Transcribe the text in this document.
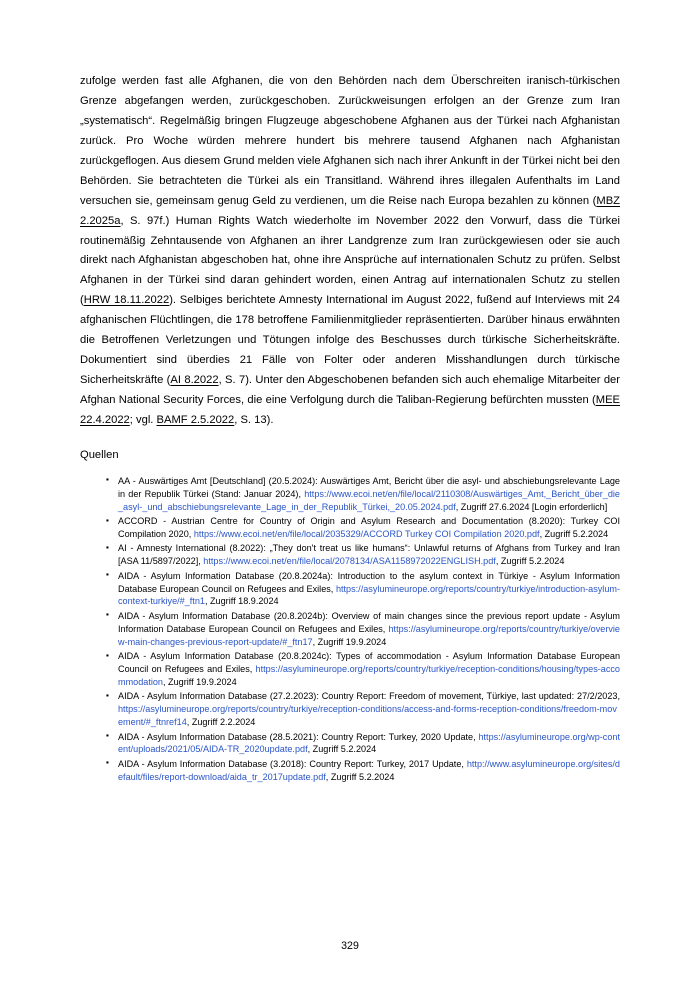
zufolge werden fast alle Afghanen, die von den Behörden nach dem Überschreiten iranisch-türkischen Grenze abgefangen werden, zurückgeschoben. Zurückweisungen erfolgen an der Grenze zum Iran „systematisch“. Regelmäßig bringen Flugzeuge abgeschobene Afghanen aus der Türkei nach Afghanistan zurück. Pro Woche würden mehrere hundert bis mehrere tausend Afghanen nach Afghanistan zurückgeflogen. Aus diesem Grund melden viele Afghanen sich nach ihrer Ankunft in der Türkei nicht bei den Behörden. Sie betrachteten die Türkei als ein Transitland. Während ihres illegalen Aufenthalts im Land versuchen sie, gemeinsam genug Geld zu verdienen, um die Reise nach Europa bezahlen zu können (MBZ 2.2025a, S. 97f.) Human Rights Watch wiederholte im November 2022 den Vorwurf, dass die Türkei routinemäßig Zehntausende von Afghanen an ihrer Landgrenze zum Iran zurückgewiesen oder sie auch direkt nach Afghanistan abgeschoben hat, ohne ihre Ansprüche auf internationalen Schutz zu prüfen. Selbst Afghanen in der Türkei sind daran gehindert worden, einen Antrag auf internationalen Schutz zu stellen (HRW 18.11.2022). Selbiges berichtete Amnesty International im August 2022, fußend auf Interviews mit 24 afghanischen Flüchtlingen, die 178 betroffene Familienmitglieder repräsentierten. Darüber hinaus erwähnten die Betroffenen Verletzungen und Tötungen infolge des Beschusses durch türkische Sicherheitskräfte. Dokumentiert sind überdies 21 Fälle von Folter oder anderen Misshandlungen durch türkische Sicherheitskräfte (AI 8.2022, S. 7). Unter den Abgeschobenen befanden sich auch ehemalige Mitarbeiter der Afghan National Security Forces, die eine Verfolgung durch die Taliban-Regierung befürchten mussten (MEE 22.4.2022; vgl. BAMF 2.5.2022, S. 13).

Quellen
▪ AA - Auswärtiges Amt [Deutschland] (20.5.2024): Auswärtiges Amt, Bericht über die asyl- und abschiebungsrelevante Lage in der Republik Türkei (Stand: Januar 2024), https://www.ecoi.net/en/file/local/2110308/Auswärtiges_Amt,_Bericht_über_die_asyl-_und_abschiebungsrelevante_Lage_in_der_Republik_Türkei,_20.05.2024.pdf, Zugriff 27.6.2024 [Login erforderlich]
▪ ACCORD - Austrian Centre for Country of Origin and Asylum Research and Documentation (8.2020): Turkey COI Compilation 2020, https://www.ecoi.net/en/file/local/2035329/ACCORD Turkey COI Compilation 2020.pdf, Zugriff 5.2.2024
▪ AI - Amnesty International (8.2022): „They don't treat us like humans“: Unlawful returns of Afghans from Turkey and Iran [ASA 11/5897/2022], https://www.ecoi.net/en/file/local/2078134/ASA1158972022ENGLISH.pdf, Zugriff 5.2.2024
▪ AIDA - Asylum Information Database (20.8.2024a): Introduction to the asylum context in Türkiye - Asylum Information Database European Council on Refugees and Exiles, https://asylumineurope.org/reports/country/turkiye/introduction-asylum-context-turkiye/#_ftn1, Zugriff 18.9.2024
▪ AIDA - Asylum Information Database (20.8.2024b): Overview of main changes since the previous report update - Asylum Information Database European Council on Refugees and Exiles, https://asylumineurope.org/reports/country/turkiye/overview-main-changes-previous-report-update/#_ftn17, Zugriff 19.9.2024
▪ AIDA - Asylum Information Database (20.8.2024c): Types of accommodation - Asylum Information Database European Council on Refugees and Exiles, https://asylumineurope.org/reports/country/turkiye/reception-conditions/housing/types-accommodation, Zugriff 19.9.2024
▪ AIDA - Asylum Information Database (27.2.2023): Country Report: Freedom of movement, Türkiye, last updated: 27/2/2023, https://asylumineurope.org/reports/country/turkiye/reception-conditions/access-and-forms-reception-conditions/freedom-movement/#_ftnref14, Zugriff 2.2.2024
▪ AIDA - Asylum Information Database (28.5.2021): Country Report: Turkey, 2020 Update, https://asylumineurope.org/wp-content/uploads/2021/05/AIDA-TR_2020update.pdf, Zugriff 5.2.2024
▪ AIDA - Asylum Information Database (3.2018): Country Report: Turkey, 2017 Update, http://www.asylumineurope.org/sites/default/files/report-download/aida_tr_2017update.pdf, Zugriff 5.2.2024
329
